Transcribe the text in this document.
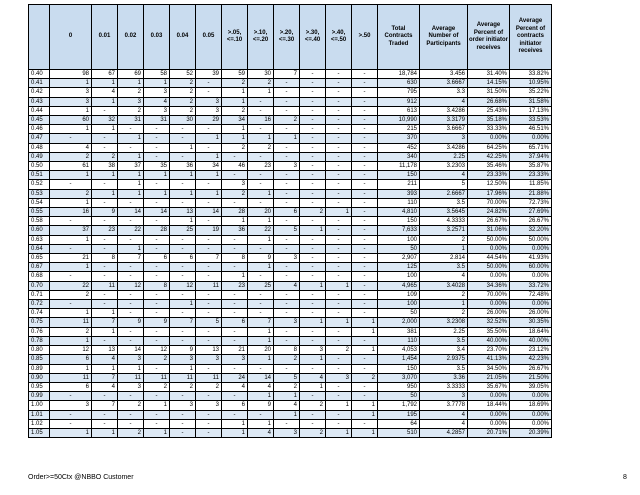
	0	0.01	0.02	0.03	0.04	0.05	>.05, <=.10	>.10, <=.20	>.20, <=.30	>.30, <=.40	>.40, <=.50	>.50	Total Contracts Traded	Average Number of Participants	Average Percent of order initiator receives	Average Percent of contracts initiator receives
0.40	98	67	69	58	52	39	59	30	7	-	-	-	18,784	3.456	31.40%	33.82%
0.41	1	1	1	1	2	-	2	2	-	-	-	-	630	3.6667	14.15%	10.95%
0.42	3	4	2	3	2	-	1	1	-	-	-	-	795	3.3	31.50%	35.22%
0.43	3	1	3	4	2	3	1	-	-	-	-	-	912	4	26.68%	31.58%
0.44	1	-	2	3	2	3	2	-	-	-	-	-	613	3.4286	25.43%	17.13%
0.45	60	32	31	31	30	29	34	16	2	-	-	-	10,990	3.3179	35.18%	33.53%
0.46	1	1	-	-	-	-	1	-	-	-	-	-	215	3.6667	33.33%	46.51%
0.47	-	-	1	-	-	1	1	1	1	-	-	-	370	3	0.00%	0.00%
0.48	4	-	-	-	1	-	2	2	-	-	-	-	452	3.4286	64.25%	65.71%
0.49	2	2	1	-	-	1	-	-	-	-	-	-	340	2.25	42.25%	37.94%
0.50	61	38	37	35	36	34	46	23	3	-	-	-	11,178	3.2303	35.46%	35.87%
0.51	1	1	1	1	1	1	-	-	-	-	-	-	150	4	23.33%	23.33%
0.52	-	-	1	-	-	-	3	-	-	-	-	-	211	5	12.50%	11.85%
0.53	2	1	1	1	1	1	2	1	-	-	-	-	393	2.6667	17.96%	21.88%
0.54	1	-	-	-	-	-	-	-	-	-	-	-	110	3.5	70.00%	72.73%
0.55	16	9	14	14	13	14	28	20	6	2	1	-	4,810	3.5645	24.82%	27.69%
0.58	-	-	-	-	1	-	1	1	-	-	-	-	150	4.3333	26.67%	26.67%
0.60	37	23	22	28	25	19	36	22	5	1	-	-	7,633	3.2571	31.06%	32.20%
0.63	1	-	-	-	-	-	-	1	-	-	-	-	100	2	50.00%	50.00%
0.64	-	-	1	-	-	-	-	-	-	-	-	-	50	1	0.00%	0.00%
0.65	21	8	7	6	6	7	8	9	3	-	-	-	2,907	2.814	44.54%	41.93%
0.67	1	-	-	-	-	-	-	1	-	-	-	-	125	3.5	50.00%	60.00%
0.68	-	-	-	-	-	-	1	-	-	-	-	-	100	4	0.00%	0.00%
0.70	22	11	12	8	12	11	23	25	4	1	1	-	4,965	3.4028	34.36%	33.72%
0.71	2	-	-	-	-	-	-	-	-	-	-	-	109	2	70.00%	72.48%
0.72	-	-	-	-	1	-	-	-	-	-	-	-	100	1	0.00%	0.00%
0.74	1	1	-	-	-	-	-	-	-	-	-	-	50	2	26.00%	26.00%
0.75	11	7	9	9	7	5	6	7	3	1	1	1	2,000	3.2308	32.52%	30.35%
0.76	2	1	-	-	-	-	-	1	-	-	-	1	381	2.25	35.50%	18.64%
0.78	1	-	-	-	-	-	-	1	-	-	-	-	110	3.5	40.00%	40.00%
0.80	12	13	14	12	9	13	21	20	8	3	2	1	4,053	3.4	23.70%	23.12%
0.85	6	4	3	2	3	3	3	1	2	1	-	-	1,454	2.9375	41.13%	42.23%
0.89	1	1	1	-	1	-	-	-	-	-	-	-	150	3.5	34.50%	26.67%
0.90	11	7	11	11	11	11	24	14	5	4	3	2	3,070	3.36	21.05%	21.50%
0.95	6	4	3	2	2	2	4	4	2	1	-	-	950	3.3333	35.67%	39.05%
0.99	-	-	-	-	-	-	-	1	1	-	-	-	50	3	0.00%	0.00%
1.00	3	7	2	1	3	3	6	9	4	2	1	1	1,792	3.7778	18.44%	18.69%
1.01	-	-	-	-	-	-	-	-	1	-	-	1	195	4	0.00%	0.00%
1.02	-	-	-	-	-	-	1	1	-	-	-	-	64	4	0.00%	0.00%
1.05	1	1	2	1	-	-	1	4	3	2	1	1	510	4.2857	20.71%	20.39%
Order>=50Ctx @NBBO Customer	8
